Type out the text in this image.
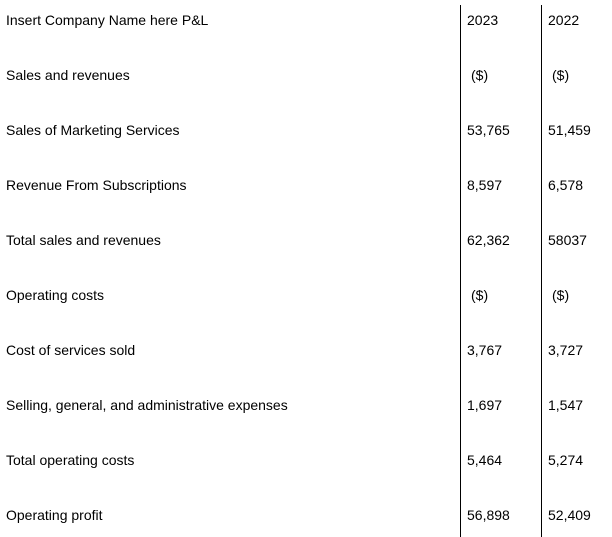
Insert Company Name here P&L	2023	2022
Sales and revenues	($)	($)
Sales of Marketing Services	53,765	51,459
Revenue From Subscriptions	8,597	6,578
Total sales and revenues	62,362	58037
Operating costs	($)	($)
Cost of services sold	3,767	3,727
Selling, general, and administrative expenses	1,697	1,547
Total operating costs	5,464	5,274
Operating profit	56,898	52,409
